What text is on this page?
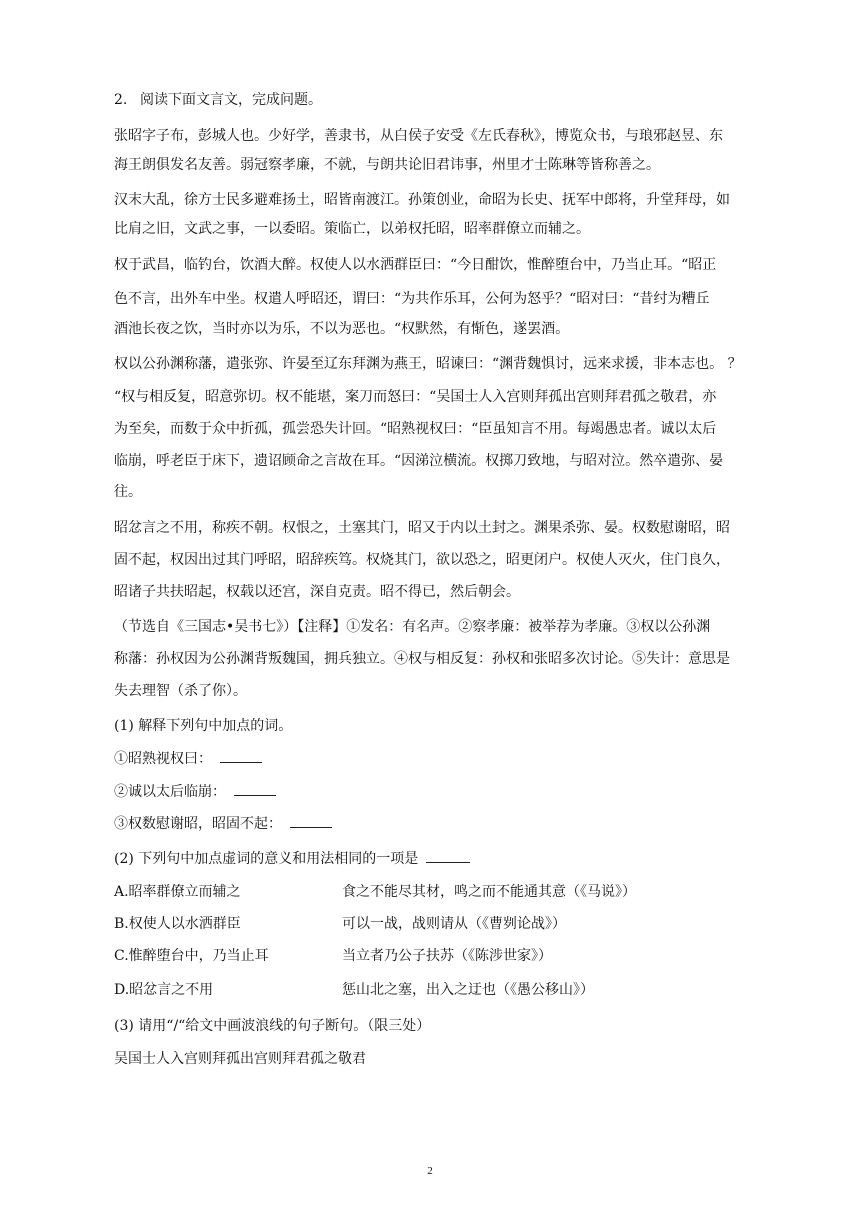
2. 阅读下面文言文，完成问题。
张昭字子布，彭城人也。少好学，善隶书，从白侯子安受《左氏春秋》，博览众书，与琅邪赵昱、东
海王朗俱发名友善。弱冠察孝廉，不就，与朗共论旧君讳事，州里才士陈琳等皆称善之。
汉末大乱，徐方士民多避难扬土，昭皆南渡江。孙策创业，命昭为长史、抚军中郎将，升堂拜母，如
比肩之旧，文武之事，一以委昭。策临亡，以弟权托昭，昭率群僚立而辅之。
权于武昌，临钓台，饮酒大醉。权使人以水洒群臣曰：“今日酣饮，惟醉堕台中，乃当止耳。“昭正
色不言，出外车中坐。权遣人呼昭还，谓曰：“为共作乐耳，公何为怒乎？“昭对曰：“昔纣为糟丘
酒池长夜之饮，当时亦以为乐，不以为恶也。“权默然，有惭色，遂罢酒。
权以公孙渊称藩，遣张弥、许晏至辽东拜渊为燕王，昭谏曰：“渊背魏惧讨，远来求援，非本志也。 ？
“权与相反复，昭意弥切。权不能堪，案刀而怒曰：“吴国士人入宫则拜孤出宫则拜君孤之敬君，亦
为至矣，而数于众中折孤，孤尝恐失计回。“昭熟视权曰：“臣虽知言不用。每竭愚忠者。诚以太后
临崩，呼老臣于床下，遗诏顾命之言故在耳。“因涕泣横流。权掷刀致地，与昭对泣。然卒遣弥、晏
往。
昭忿言之不用，称疾不朝。权恨之，土塞其门，昭又于内以土封之。渊果杀弥、晏。权数慰谢昭，昭
固不起，权因出过其门呼昭，昭辞疾笃。权烧其门，欲以恐之，昭更闭户。权使人灭火，住门良久，
昭诸子共扶昭起，权载以还宫，深自克责。昭不得已，然后朝会。
（节选自《三国志•吴书七》）【注释】①发名：有名声。②察孝廉：被举荐为孝廉。③权以公孙渊
称藩：孙权因为公孙渊背叛魏国，拥兵独立。④权与相反复：孙权和张昭多次讨论。⑤失计：意思是
失去理智（杀了你）。
(1) 解释下列句中加点的词。
①昭熟视权曰：
②诚以太后临崩：
③权数慰谢昭，昭固不起：
(2) 下列句中加点虚词的意义和用法相同的一项是
A.昭率群僚立而辅之	食之不能尽其材，鸣之而不能通其意（《马说》）
B.权使人以水洒群臣	可以一战，战则请从（《曹刿论战》）
C.惟醉堕台中，乃当止耳	当立者乃公子扶苏（《陈涉世家》）
D.昭忿言之不用	惩山北之塞，出入之迂也（《愚公移山》）
(3) 请用“/“给文中画波浪线的句子断句。（限三处）
吴国士人入宫则拜孤出宫则拜君孤之敬君
2
